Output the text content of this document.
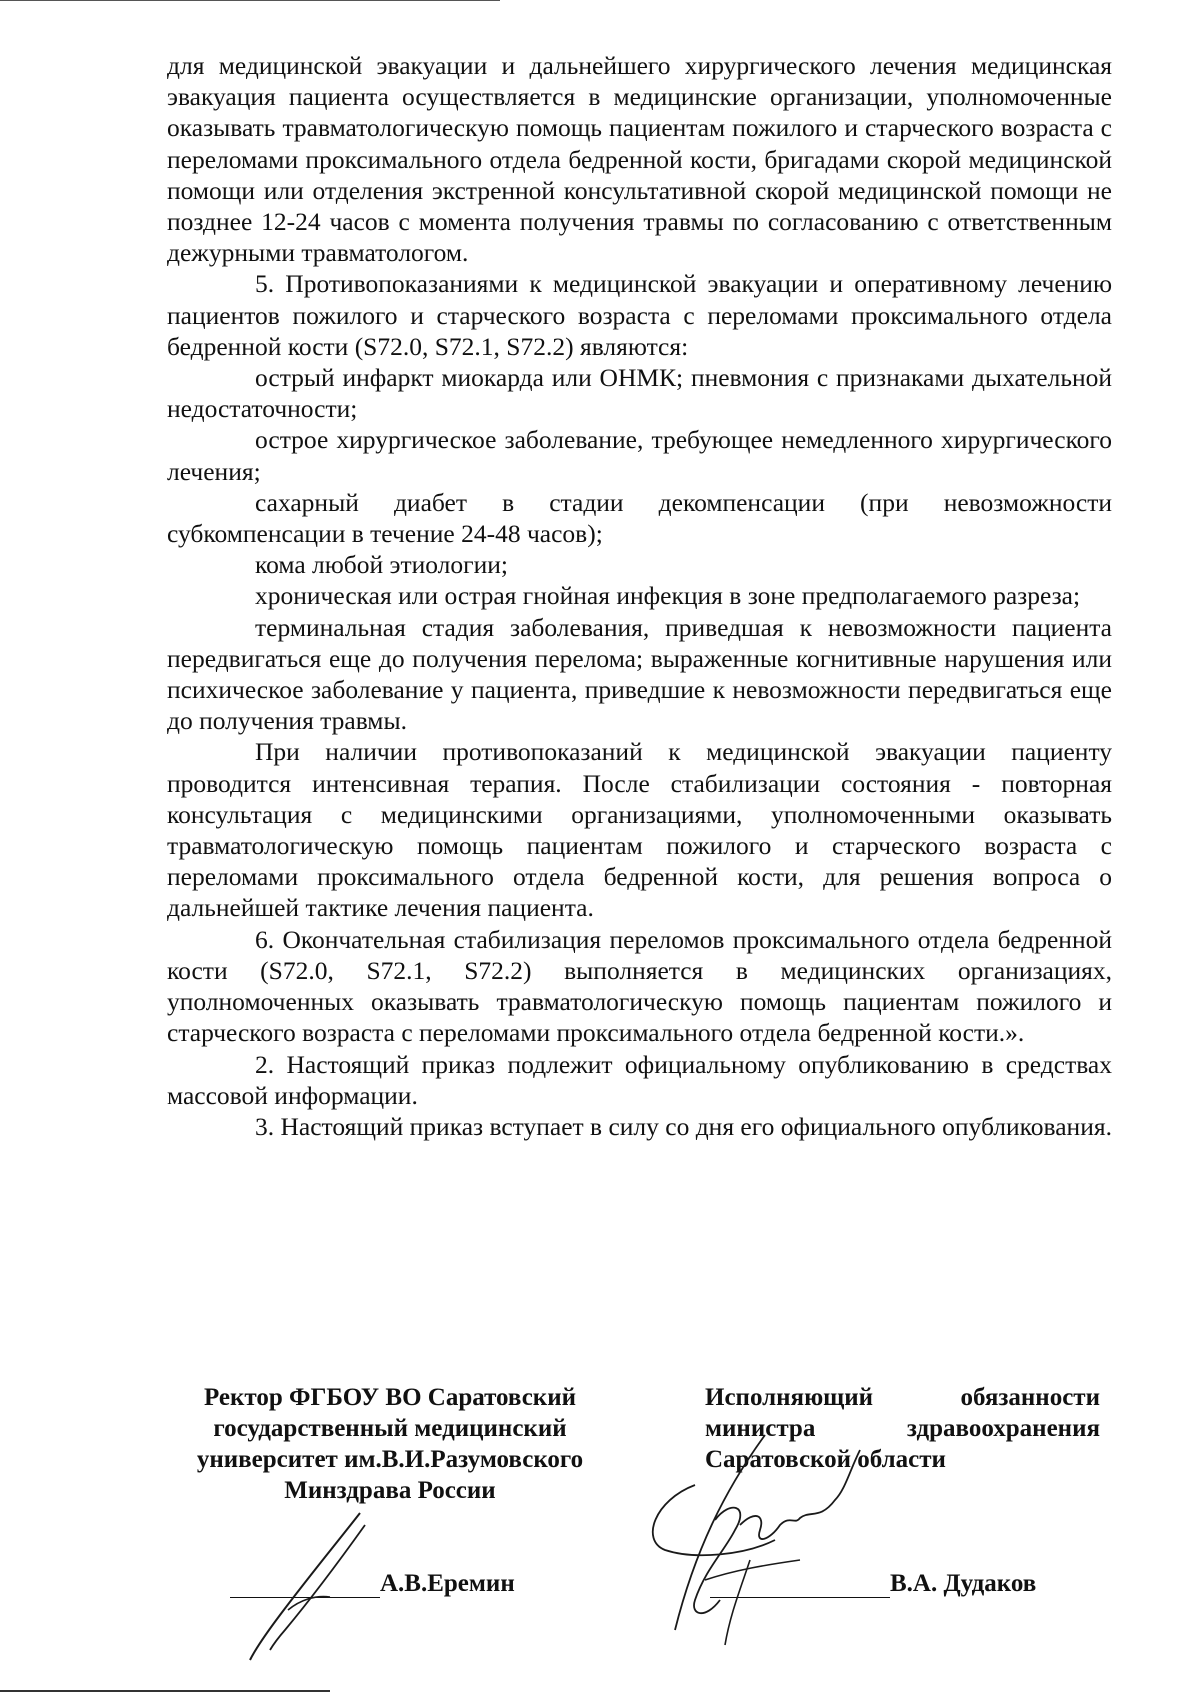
для медицинской эвакуации и дальнейшего хирургического лечения медицинская эвакуация пациента осуществляется в медицинские организации, уполномоченные оказывать травматологическую помощь пациентам пожилого и старческого возраста с переломами проксимального отдела бедренной кости, бригадами скорой медицинской помощи или отделения экстренной консультативной скорой медицинской помощи не позднее 12-24 часов с момента получения травмы по согласованию с ответственным дежурными травматологом.

5. Противопоказаниями к медицинской эвакуации и оперативному лечению пациентов пожилого и старческого возраста с переломами проксимального отдела бедренной кости (S72.0, S72.1, S72.2) являются:

острый инфаркт миокарда или ОНМК; пневмония с признаками дыхательной недостаточности;

острое хирургическое заболевание, требующее немедленного хирургического лечения;

сахарный диабет в стадии декомпенсации (при невозможности субкомпенсации в течение 24-48 часов);

кома любой этиологии;

хроническая или острая гнойная инфекция в зоне предполагаемого разреза;

терминальная стадия заболевания, приведшая к невозможности пациента передвигаться еще до получения перелома; выраженные когнитивные нарушения или психическое заболевание у пациента, приведшие к невозможности передвигаться еще до получения травмы.

При наличии противопоказаний к медицинской эвакуации пациенту проводится интенсивная терапия. После стабилизации состояния - повторная консультация с медицинскими организациями, уполномоченными оказывать травматологическую помощь пациентам пожилого и старческого возраста с переломами проксимального отдела бедренной кости, для решения вопроса о дальнейшей тактике лечения пациента.

6. Окончательная стабилизация переломов проксимального отдела бедренной кости (S72.0, S72.1, S72.2) выполняется в медицинских организациях, уполномоченных оказывать травматологическую помощь пациентам пожилого и старческого возраста с переломами проксимального отдела бедренной кости.».

2. Настоящий приказ подлежит официальному опубликованию в средствах массовой информации.

3. Настоящий приказ вступает в силу со дня его официального опубликования.

Ректор ФГБОУ ВО Саратовский
государственный медицинский
университет им.В.И.Разумовского
Минздрава России
Исполняющий обязанности
министра здравоохранения
Саратовской области
А.В.Еремин	В.А. Дудаков
